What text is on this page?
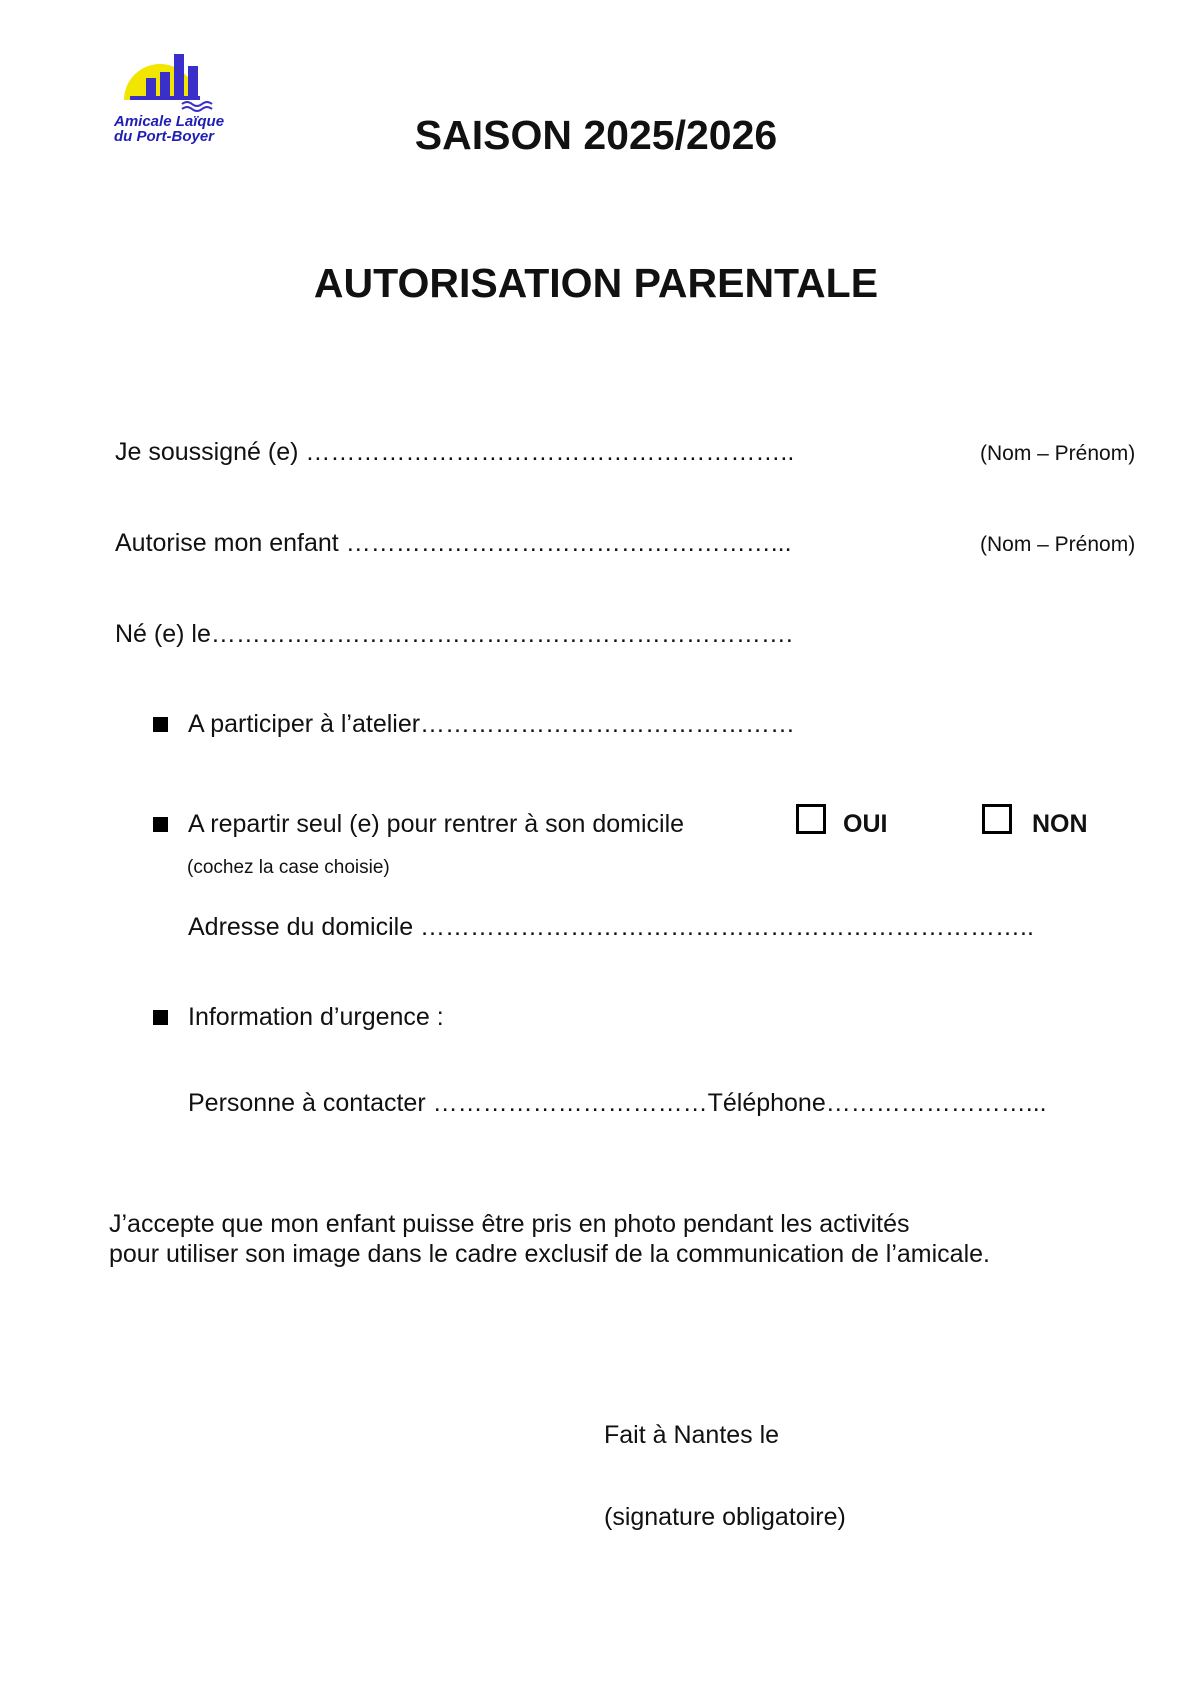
Amicale Laïque
du Port-Boyer	SAISON 2025/2026
AUTORISATION PARENTALE
Je soussigné (e) …………………………………………………..	(Nom – Prénom)
Autorise mon enfant ……………………………………………...	(Nom – Prénom)
Né (e) le…………………………………………………………….
A participer à l’atelier………………………………………
A repartir seul (e) pour rentrer à son domicile	OUI	NON
(cochez la case choisie)
Adresse du domicile ………………………………………………………………..
Information d’urgence :
Personne à contacter ……………………………Téléphone……………………...
J’accepte que mon enfant puisse être pris en photo pendant les activités
pour utiliser son image dans le cadre exclusif de la communication de l’amicale.
Fait à Nantes le
(signature obligatoire)
